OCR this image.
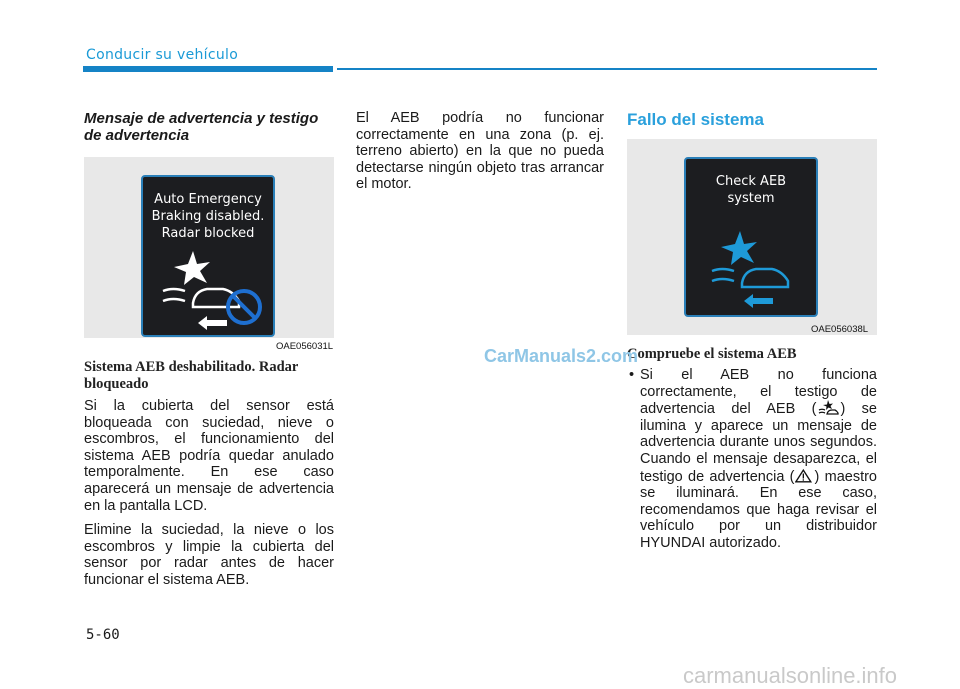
Conducir su vehículo
Mensaje de advertencia y testigo de advertencia
Auto Emergency
Braking disabled.
Radar blocked
OAE056031L
Sistema AEB deshabilitado. Radar bloqueado

Si la cubierta del sensor está bloqueada con suciedad, nieve o escombros, el funcionamiento del sistema AEB podría quedar anulado temporalmente. En ese caso aparecerá un mensaje de advertencia en la pantalla LCD.

Elimine la suciedad, la nieve o los escombros y limpie la cubierta del sensor por radar antes de hacer funcionar el sistema AEB.

El AEB podría no funcionar correctamente en una zona (p. ej. terreno abierto) en la que no pueda detectarse ningún objeto tras arrancar el motor.

Fallo del sistema
Check AEB
system
OAE056038L
Compruebe el sistema AEB
• Si el AEB no funciona correctamente, el testigo de advertencia del AEB ( ) se ilumina y aparece un mensaje de advertencia durante unos segundos. Cuando el mensaje desaparezca, el testigo de advertencia ( ) maestro se iluminará. En ese caso, recomendamos que haga revisar el vehículo por un distribuidor HYUNDAI autorizado.
CarManuals2.com
5-60
carmanualsonline.info
